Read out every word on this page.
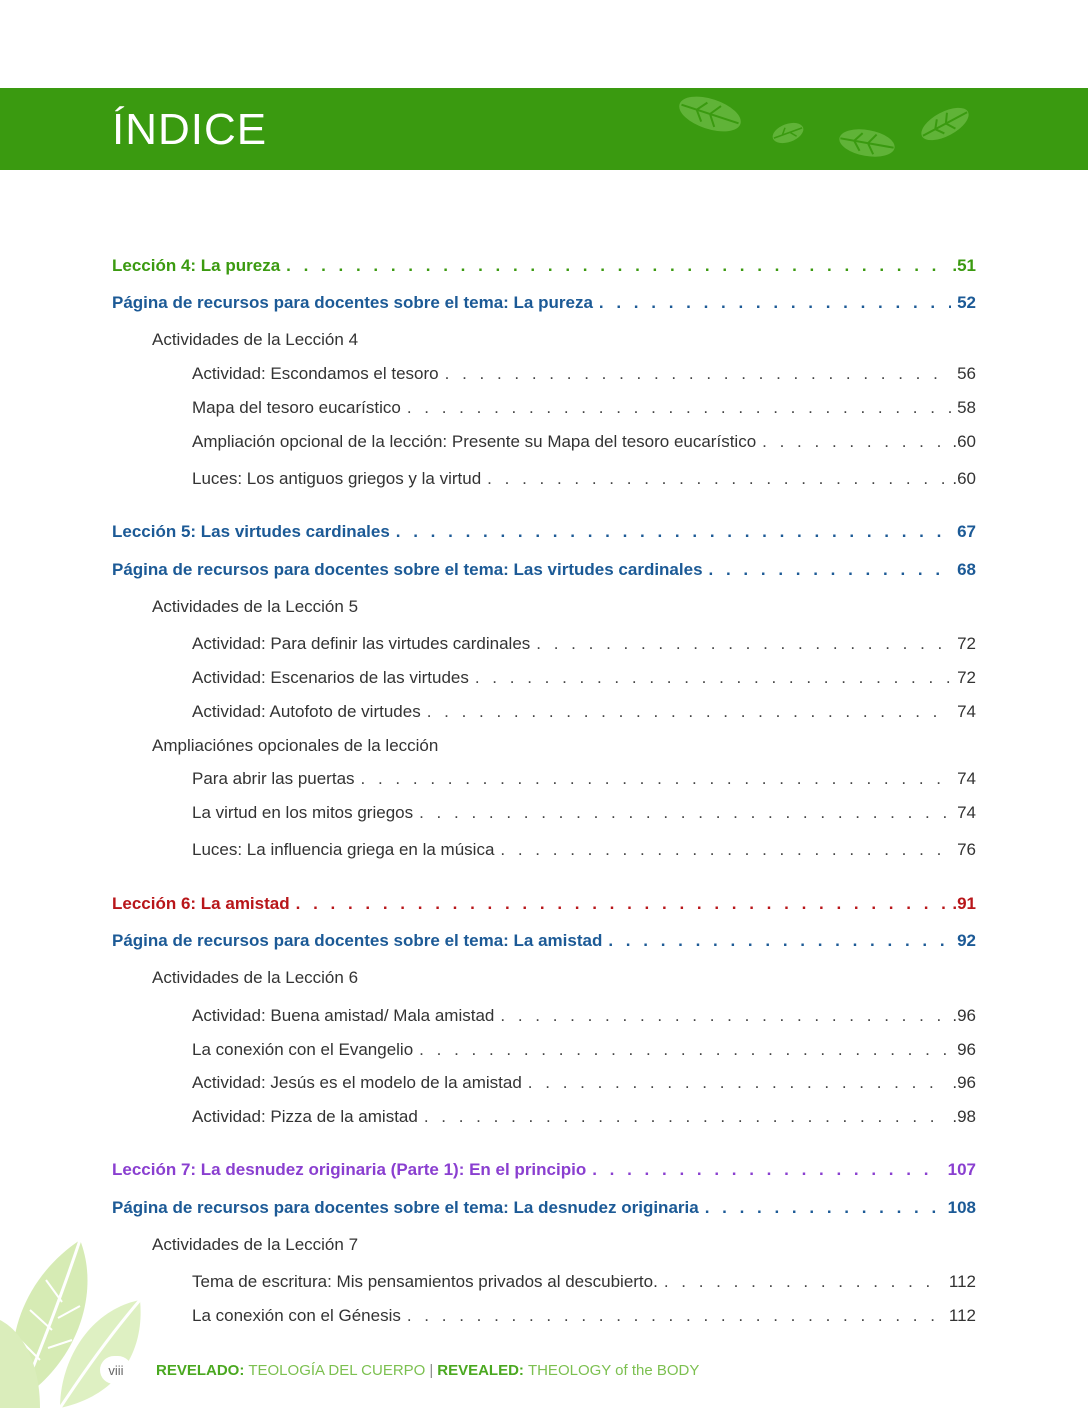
ÍNDICE
Lección 4: La pureza . . .	.51
Página de recursos para docentes sobre el tema: La pureza . . .	52
Actividades de la Lección 4
Actividad: Escondamos el tesoro . . .	56
Mapa del tesoro eucarístico . . .	58
Ampliación opcional de la lección: Presente su Mapa del tesoro eucarístico . . .	.60
Luces: Los antiguos griegos y la virtud . . .	.60
Lección 5: Las virtudes cardinales . . .	67
Página de recursos para docentes sobre el tema: Las virtudes cardinales . . .	68
Actividades de la Lección 5
Actividad: Para definir las virtudes cardinales . . .	72
Actividad: Escenarios de las virtudes . . .	72
Actividad: Autofoto de virtudes . . .	74
Ampliaciónes opcionales de la lección
Para abrir las puertas . . .	74
La virtud en los mitos griegos . . .	74
Luces: La influencia griega en la música . . .	76
Lección 6: La amistad . . .	.91
Página de recursos para docentes sobre el tema: La amistad . . .	92
Actividades de la Lección 6
Actividad: Buena amistad/ Mala amistad . . .	.96
La conexión con el Evangelio . . .	96
Actividad: Jesús es el modelo de la amistad . . .	.96
Actividad: Pizza de la amistad . . .	.98
Lección 7: La desnudez originaria (Parte 1): En el principio . . .	107
Página de recursos para docentes sobre el tema: La desnudez originaria . . .	108
Actividades de la Lección 7
Tema de escritura: Mis pensamientos privados al descubierto. . . .	112
La conexión con el Génesis . . .	112
viii	REVELADO: TEOLOGÍA DEL CUERPO | REVEALED: THEOLOGY of the BODY
